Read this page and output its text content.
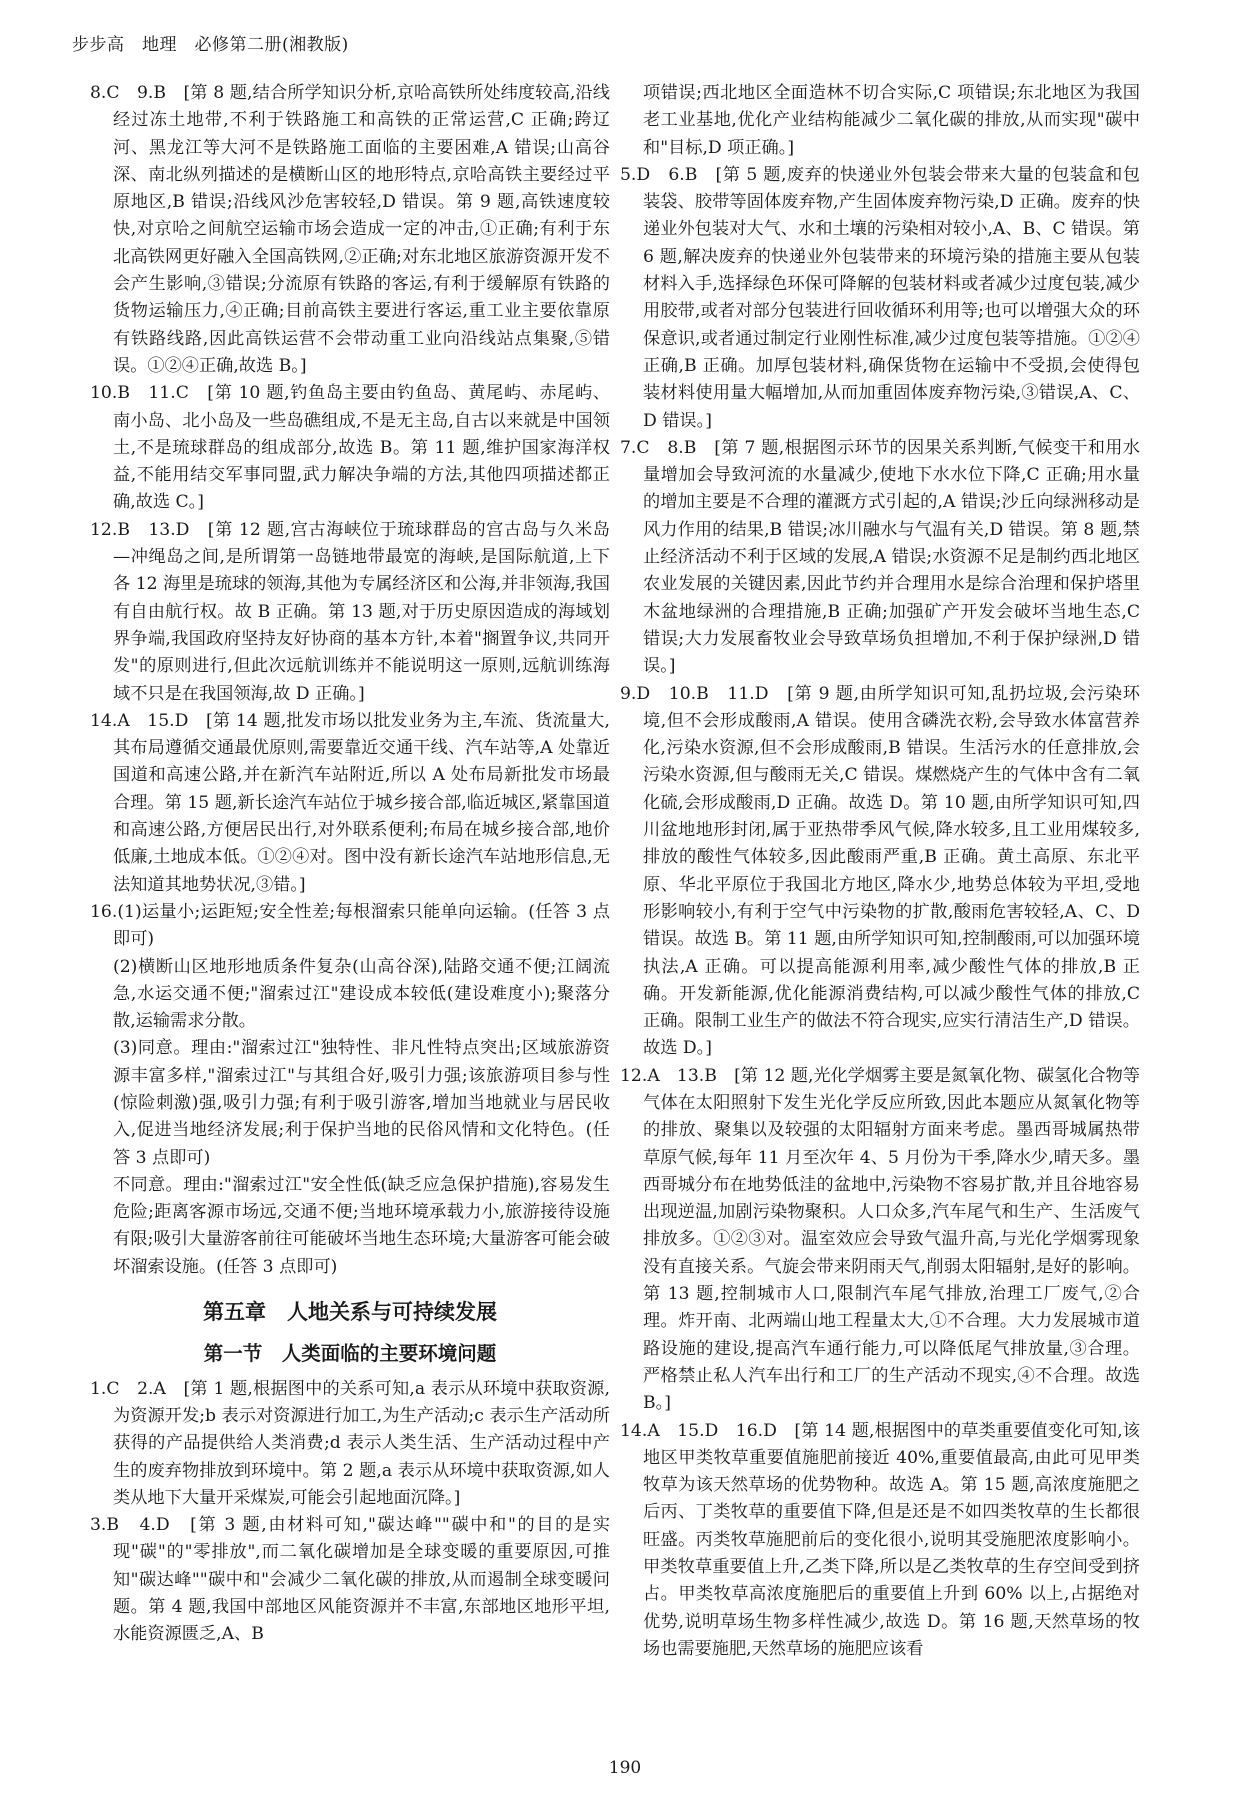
步步高　地理　必修第二册(湘教版)

8.C　9.B　[第 8 题,结合所学知识分析,京哈高铁所处纬度较高,沿线经过冻土地带,不利于铁路施工和高铁的正常运营,C 正确;跨辽河、黑龙江等大河不是铁路施工面临的主要困难,A 错误;山高谷深、南北纵列描述的是横断山区的地形特点,京哈高铁主要经过平原地区,B 错误;沿线风沙危害较轻,D 错误。第 9 题,高铁速度较快,对京哈之间航空运输市场会造成一定的冲击,①正确;有利于东北高铁网更好融入全国高铁网,②正确;对东北地区旅游资源开发不会产生影响,③错误;分流原有铁路的客运,有利于缓解原有铁路的货物运输压力,④正确;目前高铁主要进行客运,重工业主要依靠原有铁路线路,因此高铁运营不会带动重工业向沿线站点集聚,⑤错误。①②④正确,故选 B。]

10.B　11.C　[第 10 题,钓鱼岛主要由钓鱼岛、黄尾屿、赤尾屿、南小岛、北小岛及一些岛礁组成,不是无主岛,自古以来就是中国领土,不是琉球群岛的组成部分,故选 B。第 11 题,维护国家海洋权益,不能用结交军事同盟,武力解决争端的方法,其他四项描述都正确,故选 C。]

12.B　13.D　[第 12 题,宫古海峡位于琉球群岛的宫古岛与久米岛—冲绳岛之间,是所谓第一岛链地带最宽的海峡,是国际航道,上下各 12 海里是琉球的领海,其他为专属经济区和公海,并非领海,我国有自由航行权。故 B 正确。第 13 题,对于历史原因造成的海域划界争端,我国政府坚持友好协商的基本方针,本着"搁置争议,共同开发"的原则进行,但此次远航训练并不能说明这一原则,远航训练海域不只是在我国领海,故 D 正确。]

14.A　15.D　[第 14 题,批发市场以批发业务为主,车流、货流量大,其布局遵循交通最优原则,需要靠近交通干线、汽车站等,A 处靠近国道和高速公路,并在新汽车站附近,所以 A 处布局新批发市场最合理。第 15 题,新长途汽车站位于城乡接合部,临近城区,紧靠国道和高速公路,方便居民出行,对外联系便利;布局在城乡接合部,地价低廉,土地成本低。①②④对。图中没有新长途汽车站地形信息,无法知道其地势状况,③错。]

16.(1)运量小;运距短;安全性差;每根溜索只能单向运输。(任答 3 点即可)

(2)横断山区地形地质条件复杂(山高谷深),陆路交通不便;江阔流急,水运交通不便;"溜索过江"建设成本较低(建设难度小);聚落分散,运输需求分散。

(3)同意。理由:"溜索过江"独特性、非凡性特点突出;区域旅游资源丰富多样,"溜索过江"与其组合好,吸引力强;该旅游项目参与性(惊险刺激)强,吸引力强;有利于吸引游客,增加当地就业与居民收入,促进当地经济发展;利于保护当地的民俗风情和文化特色。(任答 3 点即可)

不同意。理由:"溜索过江"安全性低(缺乏应急保护措施),容易发生危险;距离客源市场远,交通不便;当地环境承载力小,旅游接待设施有限;吸引大量游客前往可能破坏当地生态环境;大量游客可能会破坏溜索设施。(任答 3 点即可)

第五章　人地关系与可持续发展
第一节　人类面临的主要环境问题

1.C　2.A　[第 1 题,根据图中的关系可知,a 表示从环境中获取资源,为资源开发;b 表示对资源进行加工,为生产活动;c 表示生产活动所获得的产品提供给人类消费;d 表示人类生活、生产活动过程中产生的废弃物排放到环境中。第 2 题,a 表示从环境中获取资源,如人类从地下大量开采煤炭,可能会引起地面沉降。]

3.B　4.D　[第 3 题,由材料可知,"碳达峰""碳中和"的目的是实现"碳"的"零排放",而二氧化碳增加是全球变暖的重要原因,可推知"碳达峰""碳中和"会减少二氧化碳的排放,从而遏制全球变暖问题。第 4 题,我国中部地区风能资源并不丰富,东部地区地形平坦,水能资源匮乏,A、B

项错误;西北地区全面造林不切合实际,C 项错误;东北地区为我国老工业基地,优化产业结构能减少二氧化碳的排放,从而实现"碳中和"目标,D 项正确。]

5.D　6.B　[第 5 题,废弃的快递业外包装会带来大量的包装盒和包装袋、胶带等固体废弃物,产生固体废弃物污染,D 正确。废弃的快递业外包装对大气、水和土壤的污染相对较小,A、B、C 错误。第 6 题,解决废弃的快递业外包装带来的环境污染的措施主要从包装材料入手,选择绿色环保可降解的包装材料或者减少过度包装,减少用胶带,或者对部分包装进行回收循环利用等;也可以增强大众的环保意识,或者通过制定行业刚性标准,减少过度包装等措施。①②④正确,B 正确。加厚包装材料,确保货物在运输中不受损,会使得包装材料使用量大幅增加,从而加重固体废弃物污染,③错误,A、C、D 错误。]

7.C　8.B　[第 7 题,根据图示环节的因果关系判断,气候变干和用水量增加会导致河流的水量减少,使地下水水位下降,C 正确;用水量的增加主要是不合理的灌溉方式引起的,A 错误;沙丘向绿洲移动是风力作用的结果,B 错误;冰川融水与气温有关,D 错误。第 8 题,禁止经济活动不利于区域的发展,A 错误;水资源不足是制约西北地区农业发展的关键因素,因此节约并合理用水是综合治理和保护塔里木盆地绿洲的合理措施,B 正确;加强矿产开发会破坏当地生态,C 错误;大力发展畜牧业会导致草场负担增加,不利于保护绿洲,D 错误。]

9.D　10.B　11.D　[第 9 题,由所学知识可知,乱扔垃圾,会污染环境,但不会形成酸雨,A 错误。使用含磷洗衣粉,会导致水体富营养化,污染水资源,但不会形成酸雨,B 错误。生活污水的任意排放,会污染水资源,但与酸雨无关,C 错误。煤燃烧产生的气体中含有二氧化硫,会形成酸雨,D 正确。故选 D。第 10 题,由所学知识可知,四川盆地地形封闭,属于亚热带季风气候,降水较多,且工业用煤较多,排放的酸性气体较多,因此酸雨严重,B 正确。黄土高原、东北平原、华北平原位于我国北方地区,降水少,地势总体较为平坦,受地形影响较小,有利于空气中污染物的扩散,酸雨危害较轻,A、C、D 错误。故选 B。第 11 题,由所学知识可知,控制酸雨,可以加强环境执法,A 正确。可以提高能源利用率,减少酸性气体的排放,B 正确。开发新能源,优化能源消费结构,可以减少酸性气体的排放,C 正确。限制工业生产的做法不符合现实,应实行清洁生产,D 错误。故选 D。]

12.A　13.B　[第 12 题,光化学烟雾主要是氮氧化物、碳氢化合物等气体在太阳照射下发生光化学反应所致,因此本题应从氮氧化物等的排放、聚集以及较强的太阳辐射方面来考虑。墨西哥城属热带草原气候,每年 11 月至次年 4、5 月份为干季,降水少,晴天多。墨西哥城分布在地势低洼的盆地中,污染物不容易扩散,并且谷地容易出现逆温,加剧污染物聚积。人口众多,汽车尾气和生产、生活废气排放多。①②③对。温室效应会导致气温升高,与光化学烟雾现象没有直接关系。气旋会带来阴雨天气,削弱太阳辐射,是好的影响。第 13 题,控制城市人口,限制汽车尾气排放,治理工厂废气,②合理。炸开南、北两端山地工程量太大,①不合理。大力发展城市道路设施的建设,提高汽车通行能力,可以降低尾气排放量,③合理。严格禁止私人汽车出行和工厂的生产活动不现实,④不合理。故选 B。]

14.A　15.D　16.D　[第 14 题,根据图中的草类重要值变化可知,该地区甲类牧草重要值施肥前接近 40%,重要值最高,由此可见甲类牧草为该天然草场的优势物种。故选 A。第 15 题,高浓度施肥之后丙、丁类牧草的重要值下降,但是还是不如四类牧草的生长都很旺盛。丙类牧草施肥前后的变化很小,说明其受施肥浓度影响小。甲类牧草重要值上升,乙类下降,所以是乙类牧草的生存空间受到挤占。甲类牧草高浓度施肥后的重要值上升到 60% 以上,占据绝对优势,说明草场生物多样性减少,故选 D。第 16 题,天然草场的牧场也需要施肥,天然草场的施肥应该看

190
